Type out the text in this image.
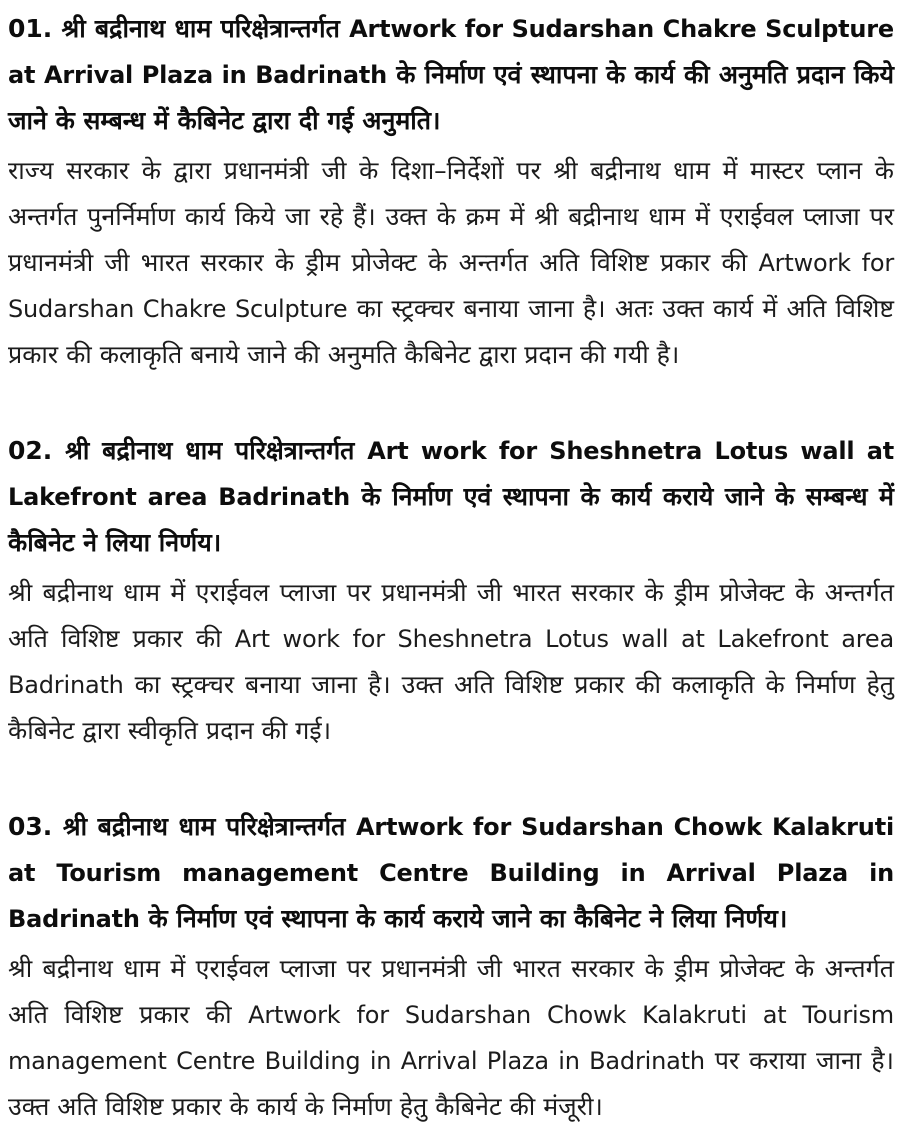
01. श्री बद्रीनाथ धाम परिक्षेत्रान्तर्गत Artwork for Sudarshan Chakre Sculpture at Arrival Plaza in Badrinath के निर्माण एवं स्थापना के कार्य की अनुमति प्रदान किये जाने के सम्बन्ध में कैबिनेट द्वारा दी गई अनुमति।
राज्य सरकार के द्वारा प्रधानमंत्री जी के दिशा–निर्देशों पर श्री बद्रीनाथ धाम में मास्टर प्लान के अन्तर्गत पुनर्निर्माण कार्य किये जा रहे हैं। उक्त के क्रम में श्री बद्रीनाथ धाम में एराईवल प्लाजा पर प्रधानमंत्री जी भारत सरकार के ड्रीम प्रोजेक्ट के अन्तर्गत अति विशिष्ट प्रकार की Artwork for Sudarshan Chakre Sculpture का स्ट्रक्चर बनाया जाना है। अतः उक्त कार्य में अति विशिष्ट प्रकार की कलाकृति बनाये जाने की अनुमति कैबिनेट द्वारा प्रदान की गयी है।
02. श्री बद्रीनाथ धाम परिक्षेत्रान्तर्गत Art work for Sheshnetra Lotus wall at Lakefront area Badrinath के निर्माण एवं स्थापना के कार्य कराये जाने के सम्बन्ध में कैबिनेट ने लिया निर्णय।
श्री बद्रीनाथ धाम में एराईवल प्लाजा पर प्रधानमंत्री जी भारत सरकार के ड्रीम प्रोजेक्ट के अन्तर्गत अति विशिष्ट प्रकार की Art work for Sheshnetra Lotus wall at Lakefront area Badrinath का स्ट्रक्चर बनाया जाना है। उक्त अति विशिष्ट प्रकार की कलाकृति के निर्माण हेतु कैबिनेट द्वारा स्वीकृति प्रदान की गई।
03. श्री बद्रीनाथ धाम परिक्षेत्रान्तर्गत Artwork for Sudarshan Chowk Kalakruti at Tourism management Centre Building in Arrival Plaza in Badrinath के निर्माण एवं स्थापना के कार्य कराये जाने का कैबिनेट ने लिया निर्णय।
श्री बद्रीनाथ धाम में एराईवल प्लाजा पर प्रधानमंत्री जी भारत सरकार के ड्रीम प्रोजेक्ट के अन्तर्गत अति विशिष्ट प्रकार की Artwork for Sudarshan Chowk Kalakruti at Tourism management Centre Building in Arrival Plaza in Badrinath पर कराया जाना है। उक्त अति विशिष्ट प्रकार के कार्य के निर्माण हेतु कैबिनेट की मंजूरी।
